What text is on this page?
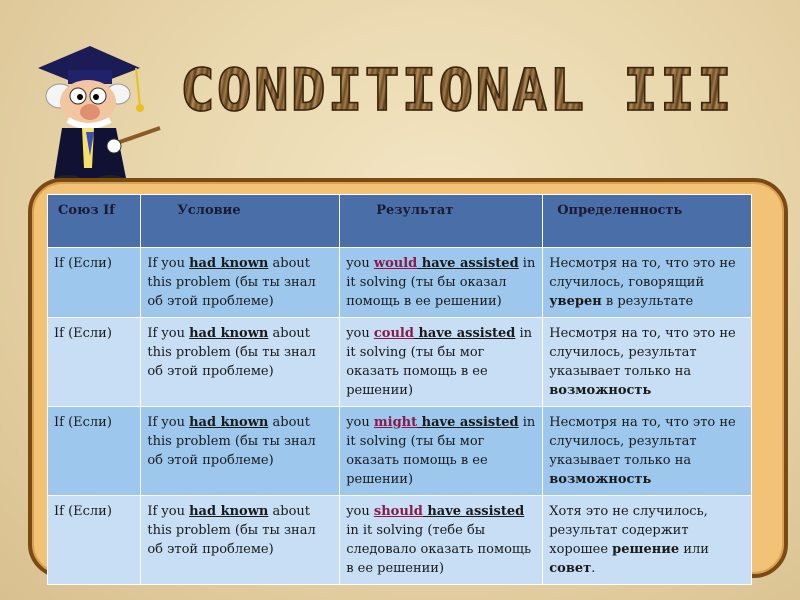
CONDITIONAL III
Союз If	Условие	Результат	Определенность
If (Если)	If you had known about this problem (бы ты знал об этой проблеме)	you would have assisted in it solving (ты бы оказал помощь в ее решении)	Несмотря на то, что это не случилось, говорящий уверен в результате
If (Если)	If you had known about this problem (бы ты знал об этой проблеме)	you could have assisted in it solving (ты бы мог оказать помощь в ее решении)	Несмотря на то, что это не случилось, результат указывает только на возможность
If (Если)	If you had known about this problem (бы ты знал об этой проблеме)	you might have assisted in it solving (ты бы мог оказать помощь в ее решении)	Несмотря на то, что это не случилось, результат указывает только на возможность
If (Если)	If you had known about this problem (бы ты знал об этой проблеме)	you should have assisted in it solving (тебе бы следовало оказать помощь в ее решении)	Хотя это не случилось, результат содержит хорошее решение или совет.
